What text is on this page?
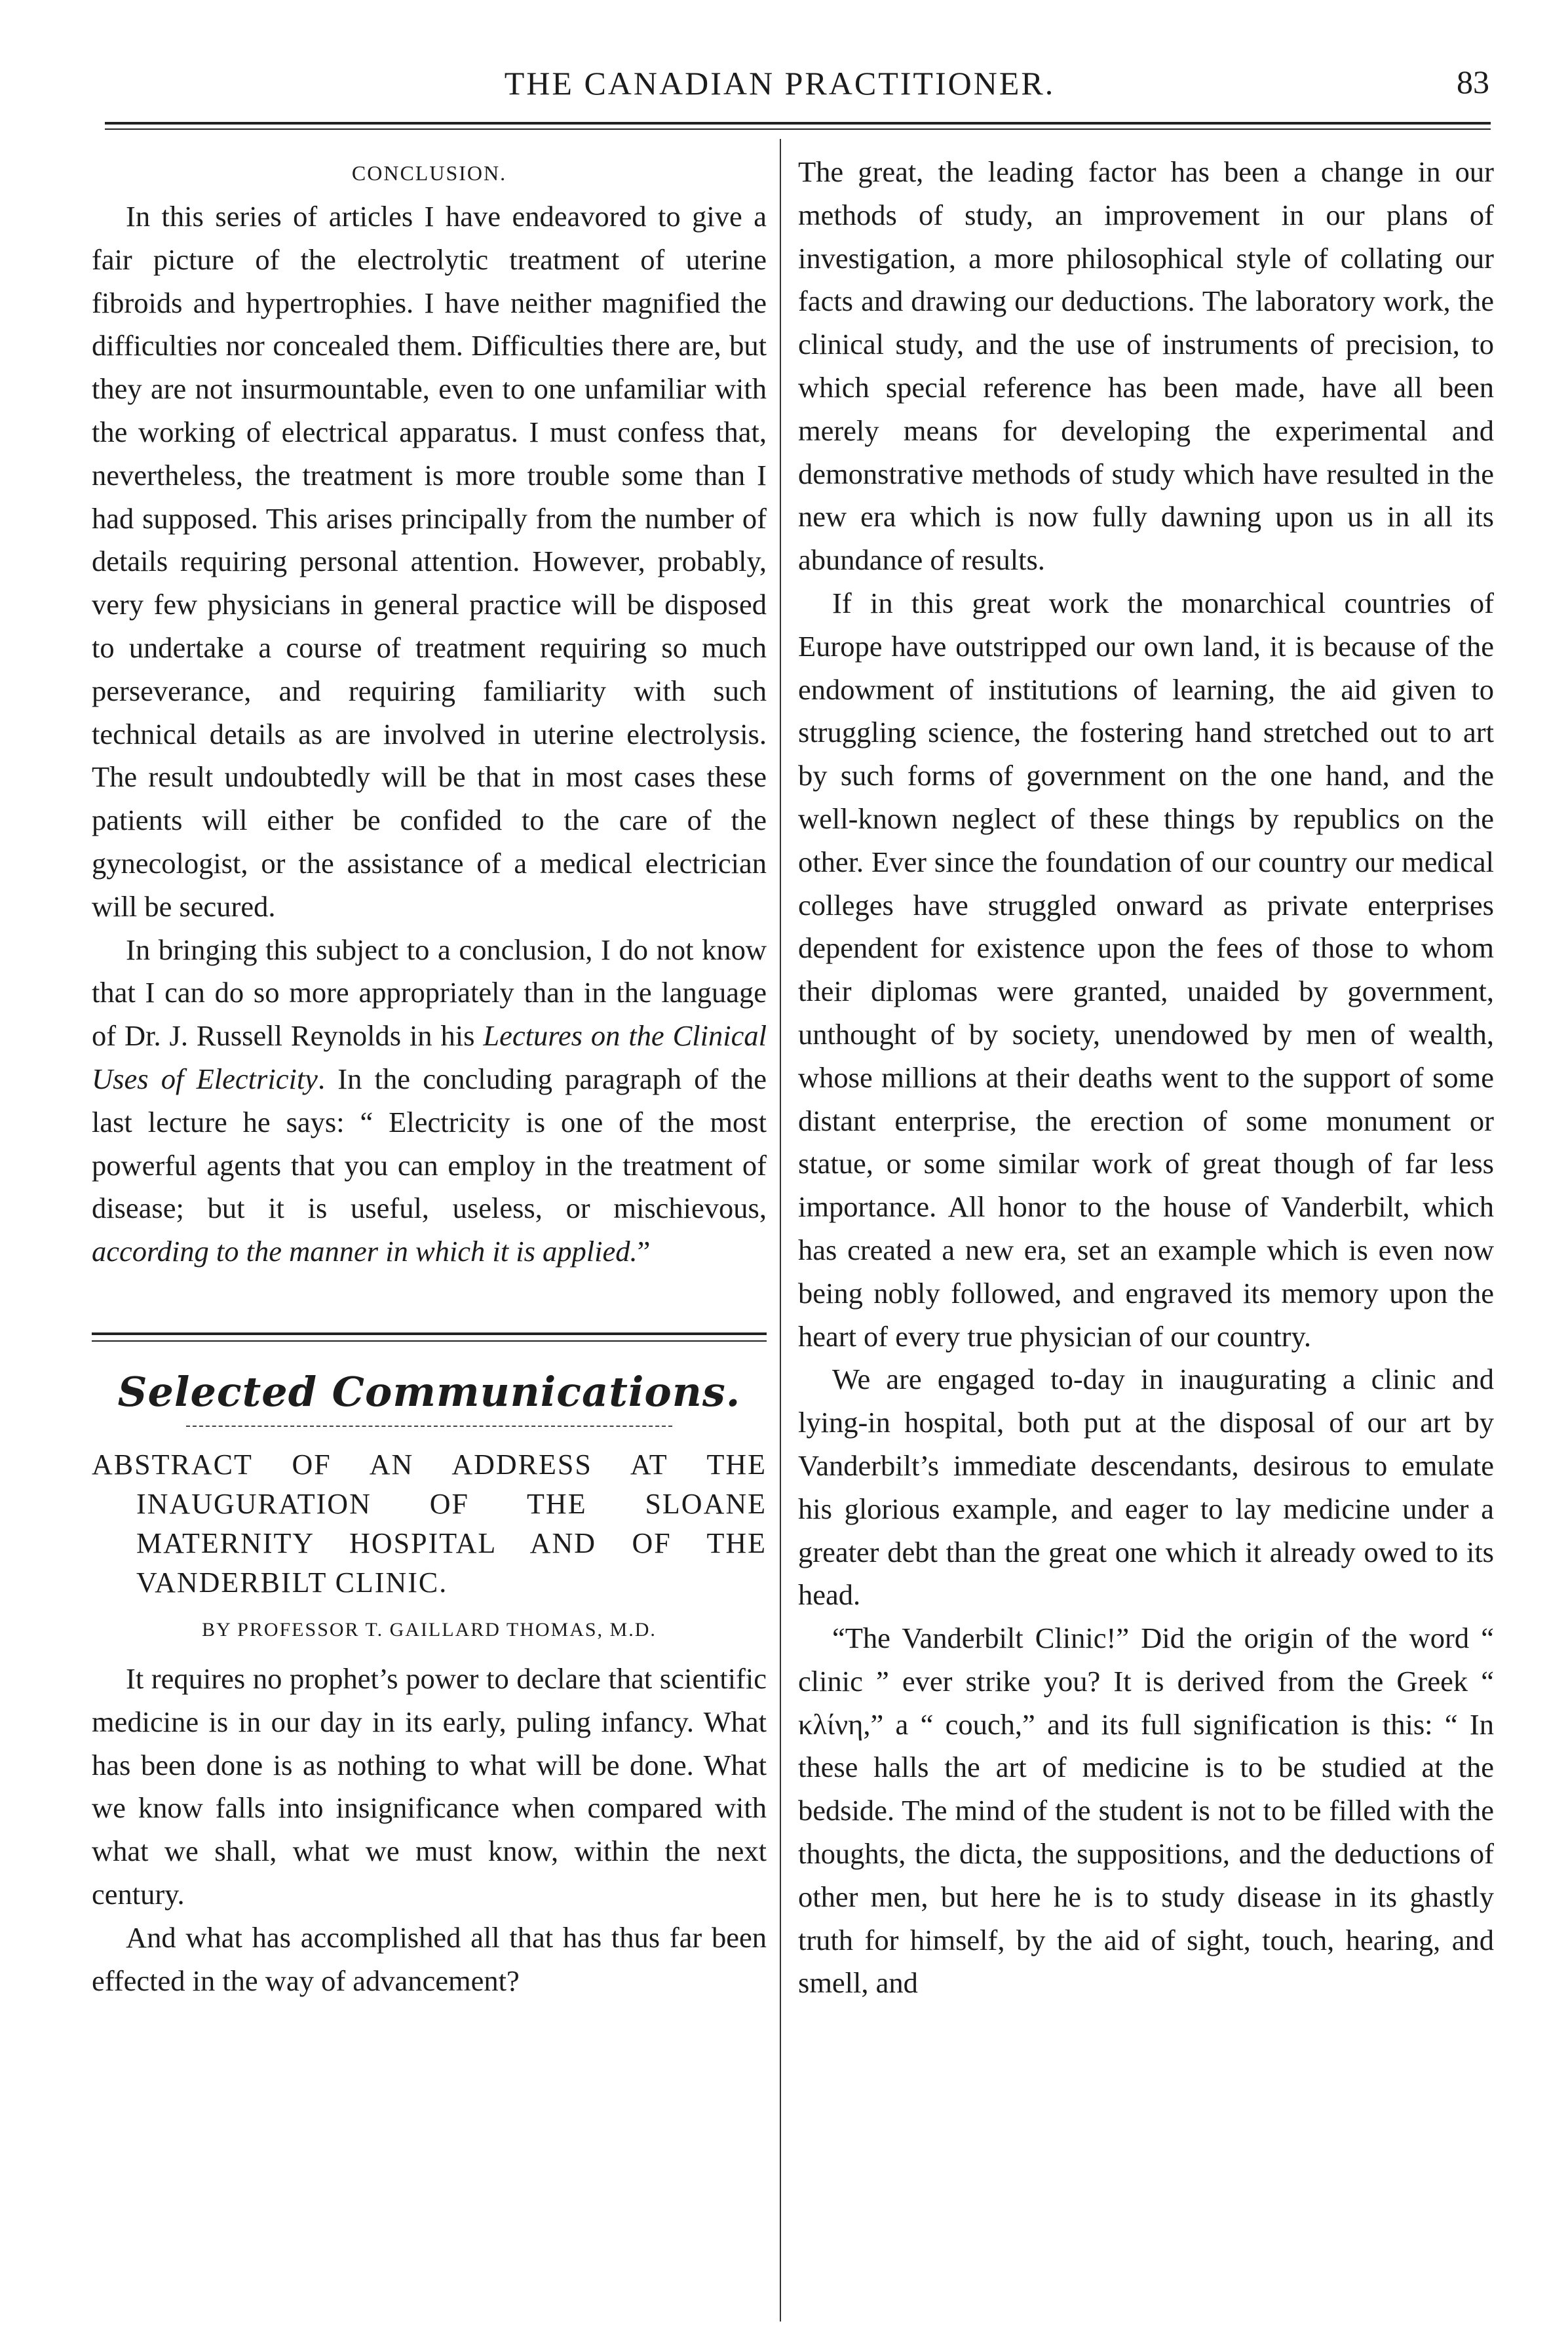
THE CANADIAN PRACTITIONER.	83
CONCLUSION.

In this series of articles I have endeavored to give a fair picture of the electrolytic treatment of uterine fibroids and hypertrophies. I have neither magnified the difficulties nor concealed them. Difficulties there are, but they are not insurmountable, even to one unfamiliar with the working of electrical apparatus. I must confess that, nevertheless, the treatment is more trouble some than I had supposed. This arises principally from the number of details requiring personal attention. However, probably, very few physicians in general practice will be disposed to undertake a course of treatment requiring so much perseverance, and requiring familiarity with such technical details as are involved in uterine electrolysis. The result undoubtedly will be that in most cases these patients will either be confided to the care of the gynecologist, or the assistance of a medical electrician will be secured.

In bringing this subject to a conclusion, I do not know that I can do so more appropriately than in the language of Dr. J. Russell Reynolds in his Lectures on the Clinical Uses of Electricity. In the concluding paragraph of the last lecture he says: “ Electricity is one of the most powerful agents that you can employ in the treatment of disease; but it is useful, useless, or mischievous, according to the manner in which it is applied.”

Selected Communications.
ABSTRACT OF AN ADDRESS AT THE INAUGURATION OF THE SLOANE MATERNITY HOSPITAL AND OF THE VANDERBILT CLINIC.
BY PROFESSOR T. GAILLARD THOMAS, M.D.

It requires no prophet’s power to declare that scientific medicine is in our day in its early, puling infancy. What has been done is as nothing to what will be done. What we know falls into insignificance when compared with what we shall, what we must know, within the next century.

And what has accomplished all that has thus far been effected in the way of advancement?

The great, the leading factor has been a change in our methods of study, an improvement in our plans of investigation, a more philosophical style of collating our facts and drawing our deductions. The laboratory work, the clinical study, and the use of instruments of precision, to which special reference has been made, have all been merely means for developing the experimental and demonstrative methods of study which have resulted in the new era which is now fully dawning upon us in all its abundance of results.

If in this great work the monarchical countries of Europe have outstripped our own land, it is because of the endowment of institutions of learning, the aid given to struggling science, the fostering hand stretched out to art by such forms of government on the one hand, and the well-known neglect of these things by republics on the other. Ever since the foundation of our country our medical colleges have struggled onward as private enterprises dependent for existence upon the fees of those to whom their diplomas were granted, unaided by government, unthought of by society, unendowed by men of wealth, whose millions at their deaths went to the support of some distant enterprise, the erection of some monument or statue, or some similar work of great though of far less importance. All honor to the house of Vanderbilt, which has created a new era, set an example which is even now being nobly followed, and engraved its memory upon the heart of every true physician of our country.

We are engaged to-day in inaugurating a clinic and lying-in hospital, both put at the disposal of our art by Vanderbilt’s immediate descendants, desirous to emulate his glorious example, and eager to lay medicine under a greater debt than the great one which it already owed to its head.

“The Vanderbilt Clinic!” Did the origin of the word “ clinic ” ever strike you? It is derived from the Greek “ κλίνη,” a “ couch,” and its full signification is this: “ In these halls the art of medicine is to be studied at the bedside. The mind of the student is not to be filled with the thoughts, the dicta, the suppositions, and the deductions of other men, but here he is to study disease in its ghastly truth for himself, by the aid of sight, touch, hearing, and smell, and
